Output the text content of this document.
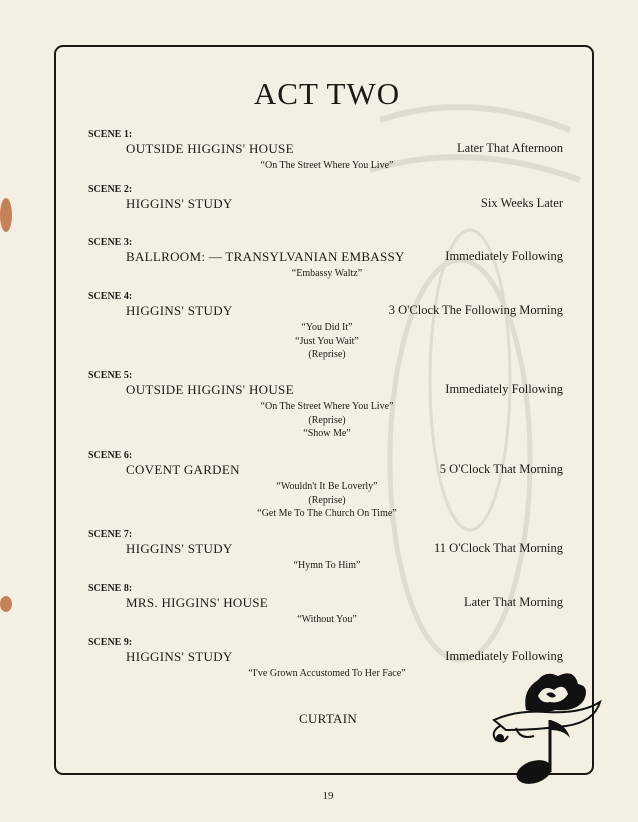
ACT TWO
SCENE 1:
OUTSIDE HIGGINS' HOUSE	Later That Afternoon
“On The Street Where You Live”
SCENE 2:
HIGGINS' STUDY	Six Weeks Later
SCENE 3:
BALLROOM: — TRANSYLVANIAN EMBASSY	Immediately Following
“Embassy Waltz”
SCENE 4:
HIGGINS' STUDY	3 O'Clock The Following Morning
“You Did It”
“Just You Wait”
(Reprise)
SCENE 5:
OUTSIDE HIGGINS' HOUSE	Immediately Following
“On The Street Where You Live”
(Reprise)
“Show Me”
SCENE 6:
COVENT GARDEN	5 O'Clock That Morning
“Wouldn't It Be Loverly”
(Reprise)
“Get Me To The Church On Time”
SCENE 7:
HIGGINS' STUDY	11 O'Clock That Morning
“Hymn To Him”
SCENE 8:
MRS. HIGGINS' HOUSE	Later That Morning
“Without You”
SCENE 9:
HIGGINS' STUDY	Immediately Following
“I've Grown Accustomed To Her Face”
CURTAIN
19
